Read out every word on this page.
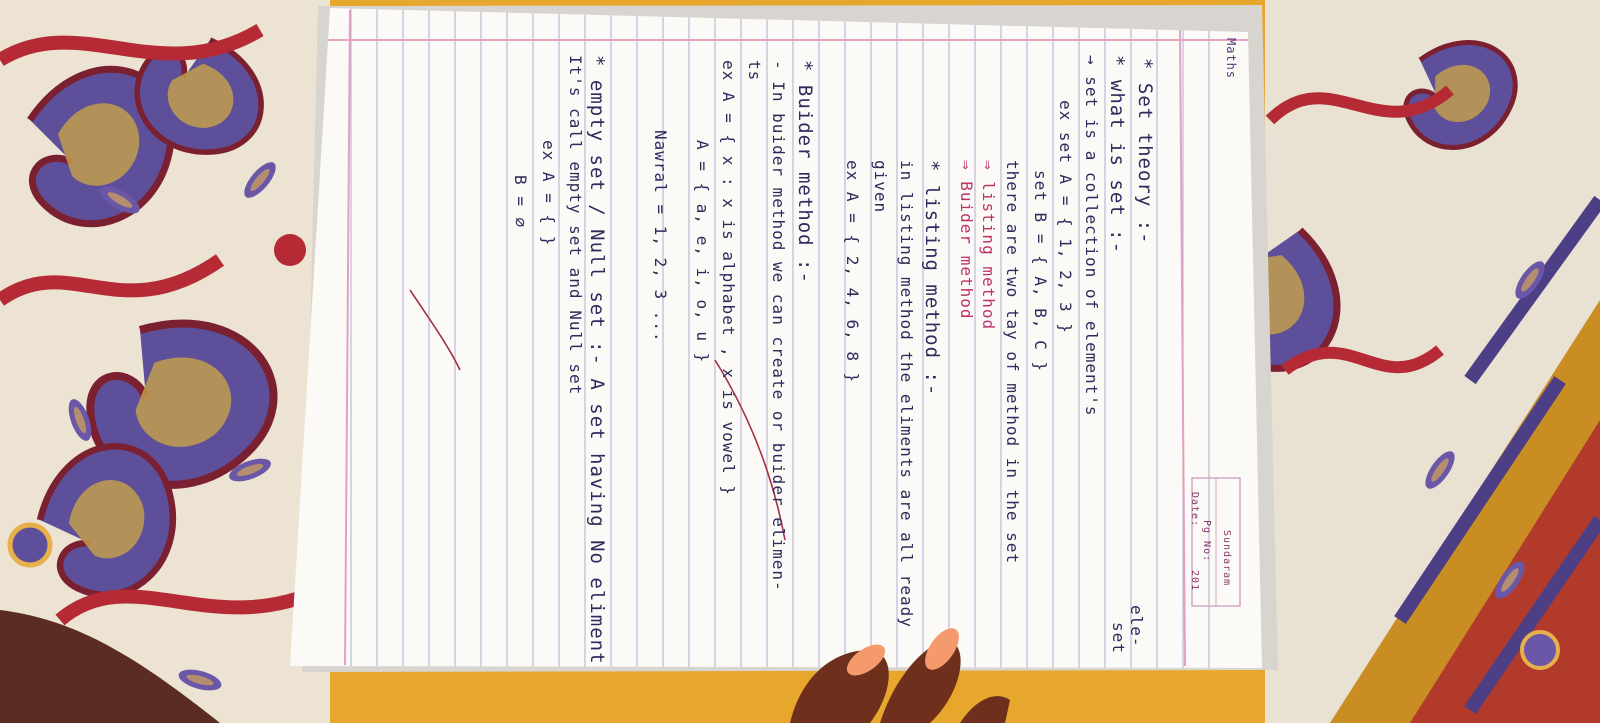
Maths
Sundaram
Pg No:
Date:
201
ele-
set
* Set theory :-
* what is set :-
→ set is a collection of element's
ex set A = { 1, 2, 3 }
set B = { A, B, C }
there are two tay of method in the set
⇒ listing method
⇒ Buider method
* listing method :-
in listing method the eliments are all ready
given
ex A = { 2, 4, 6, 8 }
* Buider method :-
- In buider method we can create or buider elimen-
ts
ex A = { x : x is alphabet , x is vowel }
A = { a, e, i, o, u }
Nawral = 1, 2, 3 ...
* empty set / Null set :- A set having No eliment
It's call empty set and Null set
ex A = { }
B = ∅
